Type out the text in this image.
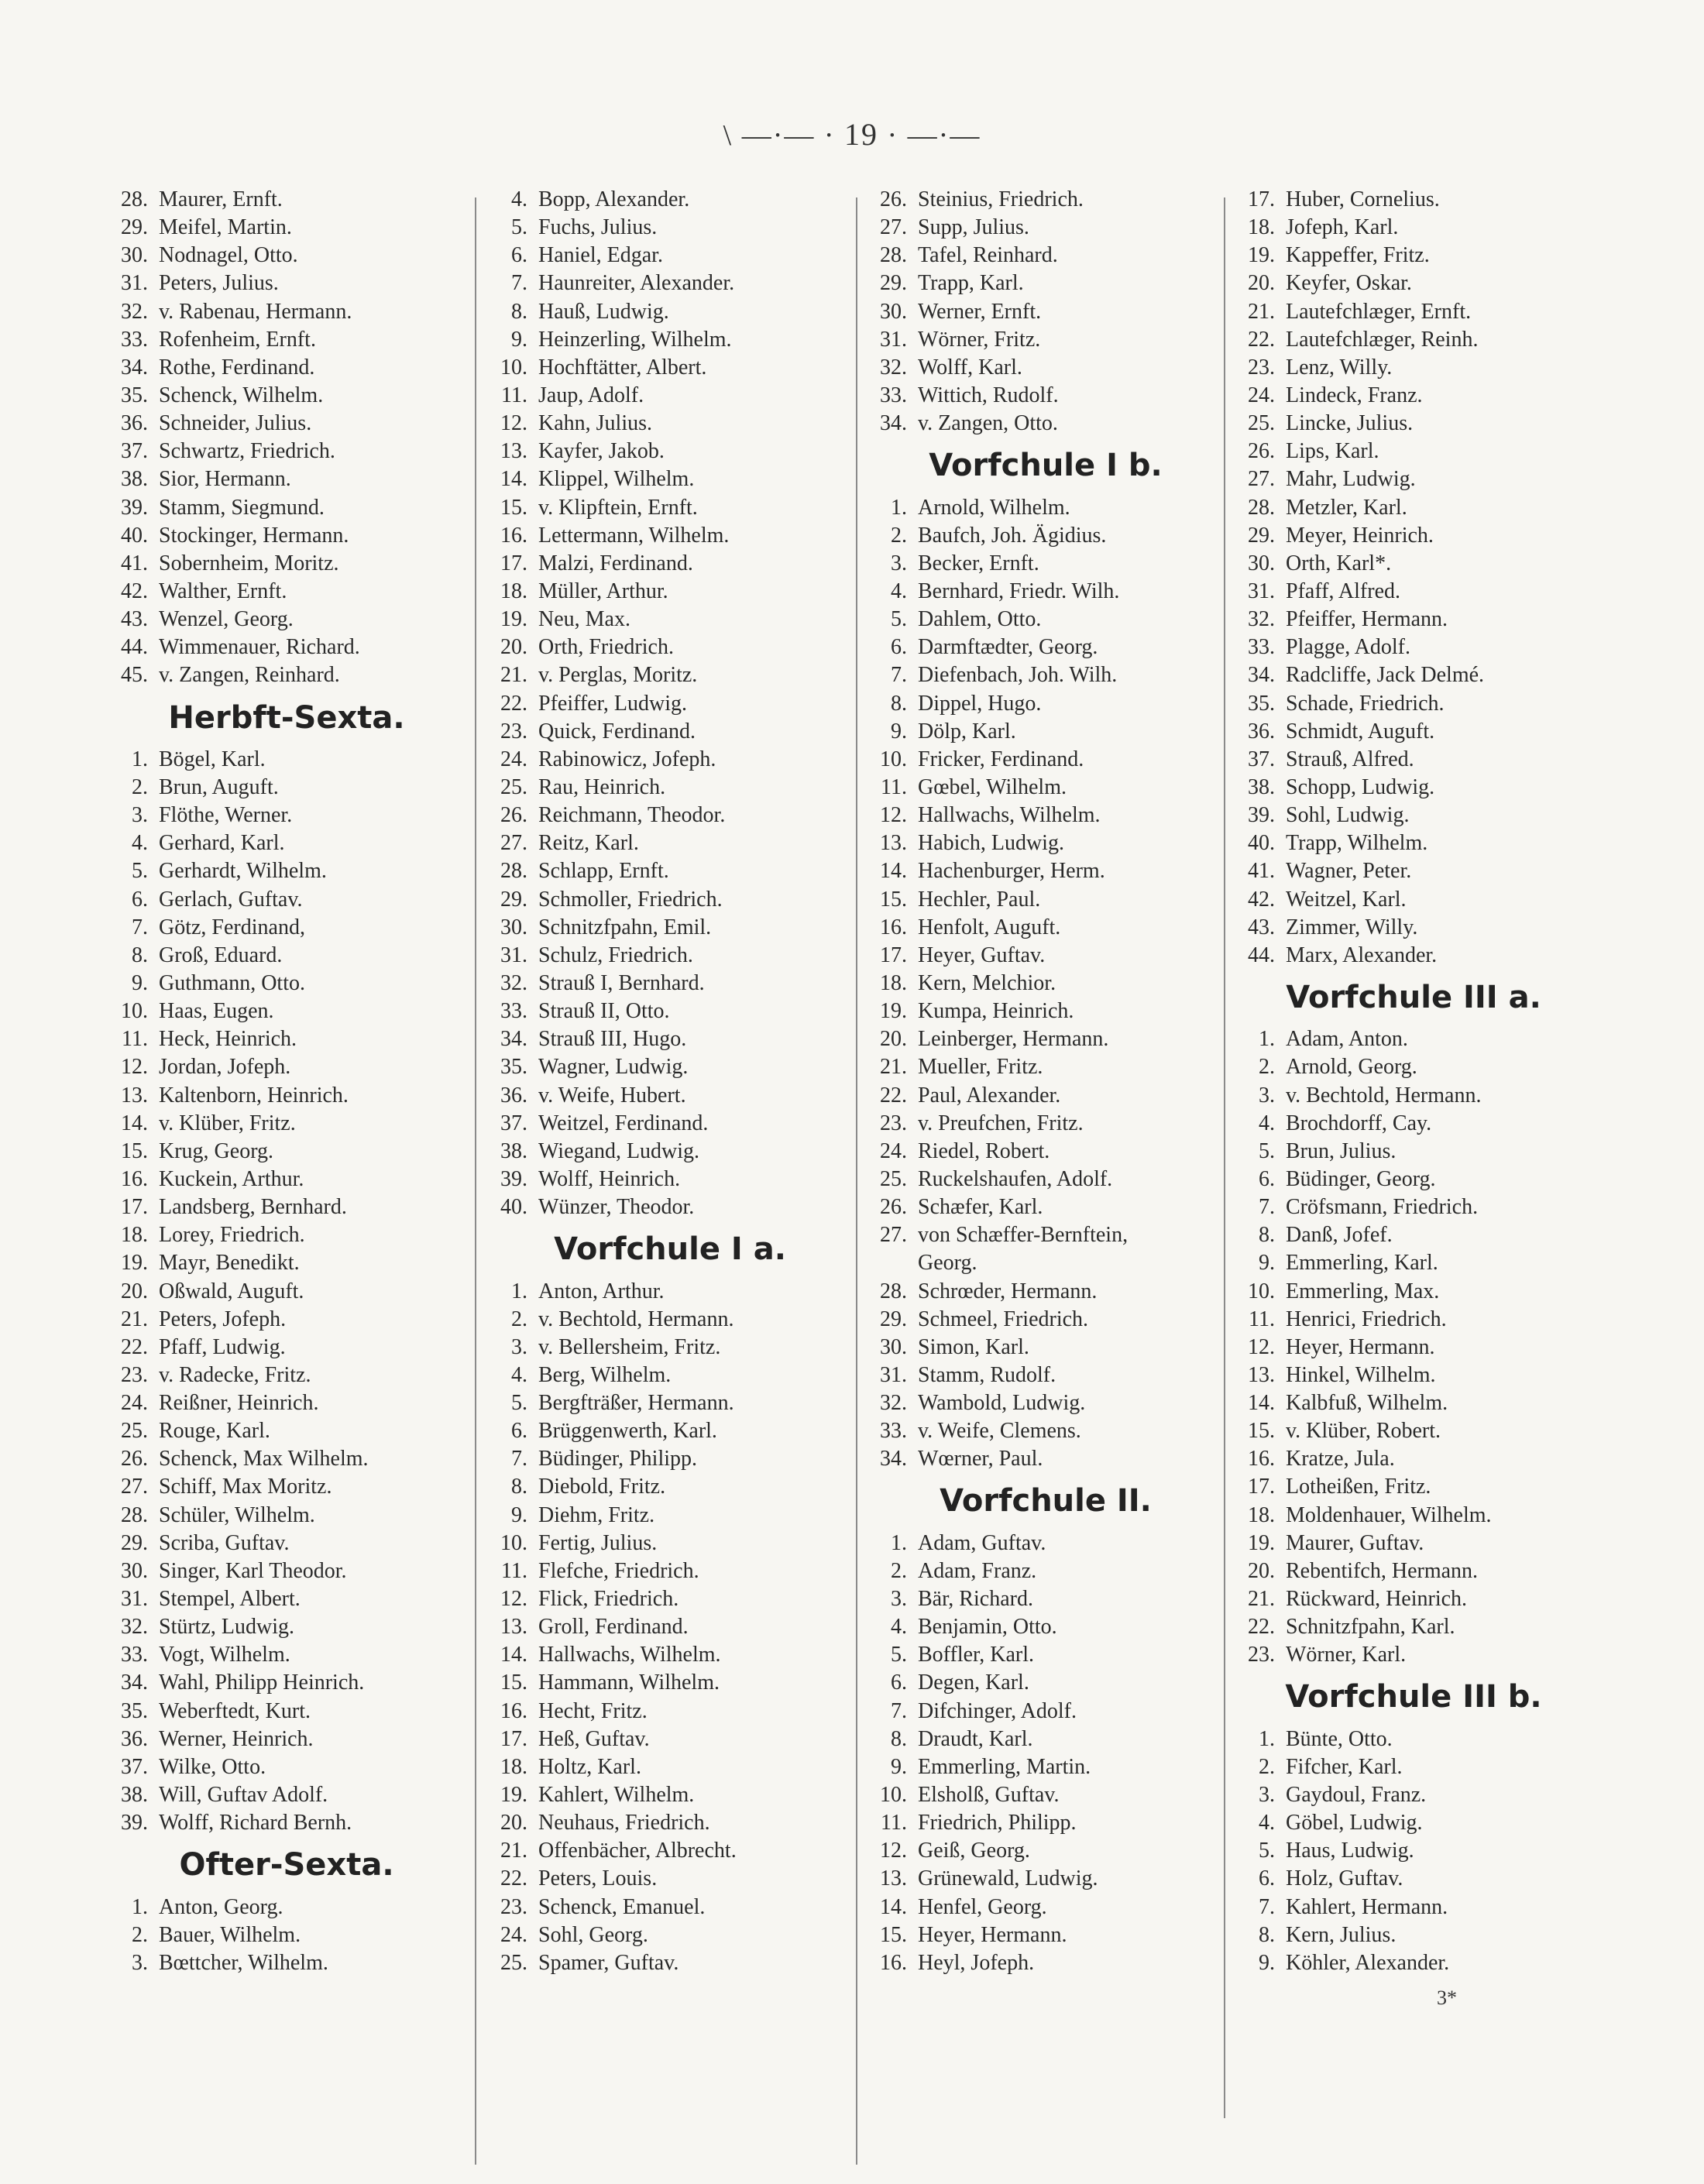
\ —·— · 19 · —·—
28. Maurer, Ernft.
29. Meifel, Martin.
30. Nodnagel, Otto.
31. Peters, Julius.
32. v. Rabenau, Hermann.
33. Rofenheim, Ernft.
34. Rothe, Ferdinand.
35. Schenck, Wilhelm.
36. Schneider, Julius.
37. Schwartz, Friedrich.
38. Sior, Hermann.
39. Stamm, Siegmund.
40. Stockinger, Hermann.
41. Sobernheim, Moritz.
42. Walther, Ernft.
43. Wenzel, Georg.
44. Wimmenauer, Richard.
45. v. Zangen, Reinhard.
Herbft-Sexta.
1. Bögel, Karl.
2. Brun, Auguft.
3. Flöthe, Werner.
4. Gerhard, Karl.
5. Gerhardt, Wilhelm.
6. Gerlach, Guftav.
7. Götz, Ferdinand,
8. Groß, Eduard.
9. Guthmann, Otto.
10. Haas, Eugen.
11. Heck, Heinrich.
12. Jordan, Jofeph.
13. Kaltenborn, Heinrich.
14. v. Klüber, Fritz.
15. Krug, Georg.
16. Kuckein, Arthur.
17. Landsberg, Bernhard.
18. Lorey, Friedrich.
19. Mayr, Benedikt.
20. Oßwald, Auguft.
21. Peters, Jofeph.
22. Pfaff, Ludwig.
23. v. Radecke, Fritz.
24. Reißner, Heinrich.
25. Rouge, Karl.
26. Schenck, Max Wilhelm.
27. Schiff, Max Moritz.
28. Schüler, Wilhelm.
29. Scriba, Guftav.
30. Singer, Karl Theodor.
31. Stempel, Albert.
32. Stürtz, Ludwig.
33. Vogt, Wilhelm.
34. Wahl, Philipp Heinrich.
35. Weberftedt, Kurt.
36. Werner, Heinrich.
37. Wilke, Otto.
38. Will, Guftav Adolf.
39. Wolff, Richard Bernh.
Ofter-Sexta.
1. Anton, Georg.
2. Bauer, Wilhelm.
3. Bœttcher, Wilhelm.
4. Bopp, Alexander.
5. Fuchs, Julius.
6. Haniel, Edgar.
7. Haunreiter, Alexander.
8. Hauß, Ludwig.
9. Heinzerling, Wilhelm.
10. Hochftätter, Albert.
11. Jaup, Adolf.
12. Kahn, Julius.
13. Kayfer, Jakob.
14. Klippel, Wilhelm.
15. v. Klipftein, Ernft.
16. Lettermann, Wilhelm.
17. Malzi, Ferdinand.
18. Müller, Arthur.
19. Neu, Max.
20. Orth, Friedrich.
21. v. Perglas, Moritz.
22. Pfeiffer, Ludwig.
23. Quick, Ferdinand.
24. Rabinowicz, Jofeph.
25. Rau, Heinrich.
26. Reichmann, Theodor.
27. Reitz, Karl.
28. Schlapp, Ernft.
29. Schmoller, Friedrich.
30. Schnitzfpahn, Emil.
31. Schulz, Friedrich.
32. Strauß I, Bernhard.
33. Strauß II, Otto.
34. Strauß III, Hugo.
35. Wagner, Ludwig.
36. v. Weife, Hubert.
37. Weitzel, Ferdinand.
38. Wiegand, Ludwig.
39. Wolff, Heinrich.
40. Wünzer, Theodor.
Vorfchule I a.
1. Anton, Arthur.
2. v. Bechtold, Hermann.
3. v. Bellersheim, Fritz.
4. Berg, Wilhelm.
5. Bergfträßer, Hermann.
6. Brüggenwerth, Karl.
7. Büdinger, Philipp.
8. Diebold, Fritz.
9. Diehm, Fritz.
10. Fertig, Julius.
11. Flefche, Friedrich.
12. Flick, Friedrich.
13. Groll, Ferdinand.
14. Hallwachs, Wilhelm.
15. Hammann, Wilhelm.
16. Hecht, Fritz.
17. Heß, Guftav.
18. Holtz, Karl.
19. Kahlert, Wilhelm.
20. Neuhaus, Friedrich.
21. Offenbächer, Albrecht.
22. Peters, Louis.
23. Schenck, Emanuel.
24. Sohl, Georg.
25. Spamer, Guftav.
26. Steinius, Friedrich.
27. Supp, Julius.
28. Tafel, Reinhard.
29. Trapp, Karl.
30. Werner, Ernft.
31. Wörner, Fritz.
32. Wolff, Karl.
33. Wittich, Rudolf.
34. v. Zangen, Otto.
Vorfchule I b.
1. Arnold, Wilhelm.
2. Baufch, Joh. Ägidius.
3. Becker, Ernft.
4. Bernhard, Friedr. Wilh.
5. Dahlem, Otto.
6. Darmftædter, Georg.
7. Diefenbach, Joh. Wilh.
8. Dippel, Hugo.
9. Dölp, Karl.
10. Fricker, Ferdinand.
11. Gœbel, Wilhelm.
12. Hallwachs, Wilhelm.
13. Habich, Ludwig.
14. Hachenburger, Herm.
15. Hechler, Paul.
16. Henfolt, Auguft.
17. Heyer, Guftav.
18. Kern, Melchior.
19. Kumpa, Heinrich.
20. Leinberger, Hermann.
21. Mueller, Fritz.
22. Paul, Alexander.
23. v. Preufchen, Fritz.
24. Riedel, Robert.
25. Ruckelshaufen, Adolf.
26. Schæfer, Karl.
27. von Schæffer-Bernftein,
Georg.
28. Schrœder, Hermann.
29. Schmeel, Friedrich.
30. Simon, Karl.
31. Stamm, Rudolf.
32. Wambold, Ludwig.
33. v. Weife, Clemens.
34. Wœrner, Paul.
Vorfchule II.
1. Adam, Guftav.
2. Adam, Franz.
3. Bär, Richard.
4. Benjamin, Otto.
5. Boffler, Karl.
6. Degen, Karl.
7. Difchinger, Adolf.
8. Draudt, Karl.
9. Emmerling, Martin.
10. Elsholß, Guftav.
11. Friedrich, Philipp.
12. Geiß, Georg.
13. Grünewald, Ludwig.
14. Henfel, Georg.
15. Heyer, Hermann.
16. Heyl, Jofeph.
17. Huber, Cornelius.
18. Jofeph, Karl.
19. Kappeffer, Fritz.
20. Keyfer, Oskar.
21. Lautefchlæger, Ernft.
22. Lautefchlæger, Reinh.
23. Lenz, Willy.
24. Lindeck, Franz.
25. Lincke, Julius.
26. Lips, Karl.
27. Mahr, Ludwig.
28. Metzler, Karl.
29. Meyer, Heinrich.
30. Orth, Karl*.
31. Pfaff, Alfred.
32. Pfeiffer, Hermann.
33. Plagge, Adolf.
34. Radcliffe, Jack Delmé.
35. Schade, Friedrich.
36. Schmidt, Auguft.
37. Strauß, Alfred.
38. Schopp, Ludwig.
39. Sohl, Ludwig.
40. Trapp, Wilhelm.
41. Wagner, Peter.
42. Weitzel, Karl.
43. Zimmer, Willy.
44. Marx, Alexander.
Vorfchule III a.
1. Adam, Anton.
2. Arnold, Georg.
3. v. Bechtold, Hermann.
4. Brochdorff, Cay.
5. Brun, Julius.
6. Büdinger, Georg.
7. Cröfsmann, Friedrich.
8. Danß, Jofef.
9. Emmerling, Karl.
10. Emmerling, Max.
11. Henrici, Friedrich.
12. Heyer, Hermann.
13. Hinkel, Wilhelm.
14. Kalbfuß, Wilhelm.
15. v. Klüber, Robert.
16. Kratze, Jula.
17. Lotheißen, Fritz.
18. Moldenhauer, Wilhelm.
19. Maurer, Guftav.
20. Rebentifch, Hermann.
21. Rückward, Heinrich.
22. Schnitzfpahn, Karl.
23. Wörner, Karl.
Vorfchule III b.
1. Bünte, Otto.
2. Fifcher, Karl.
3. Gaydoul, Franz.
4. Göbel, Ludwig.
5. Haus, Ludwig.
6. Holz, Guftav.
7. Kahlert, Hermann.
8. Kern, Julius.
9. Köhler, Alexander.
3*
